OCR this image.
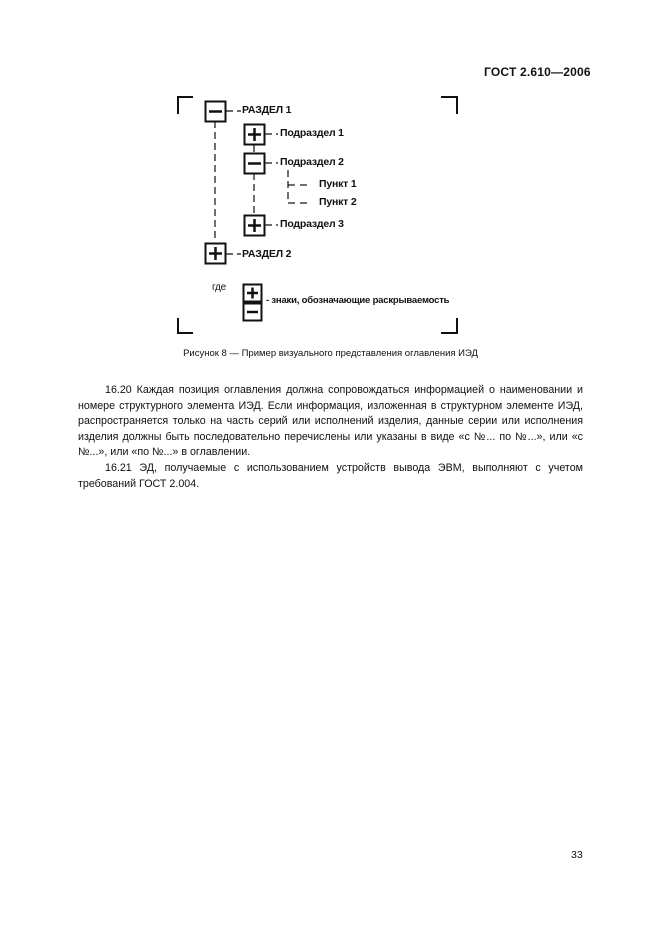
ГОСТ 2.610—2006
РАЗДЕЛ 1
Подраздел 1
Подраздел 2
Пункт 1
Пункт 2
Подраздел 3
РАЗДЕЛ 2
где
- знаки, обозначающие раскрываемость
Рисунок 8 — Пример визуального представления оглавления ИЭД

16.20 Каждая позиция оглавления должна сопровождаться информацией о наименовании и номере структурного элемента ИЭД. Если информация, изложенная в структурном элементе ИЭД, распространяется только на часть серий или исполнений изделия, данные серии или исполнения изделия должны быть последовательно перечислены или указаны в виде «с №... по №...», или «с №...», или «по №...» в оглавлении.

16.21 ЭД, получаемые с использованием устройств вывода ЭВМ, выполняют с учетом требований ГОСТ 2.004.

33
